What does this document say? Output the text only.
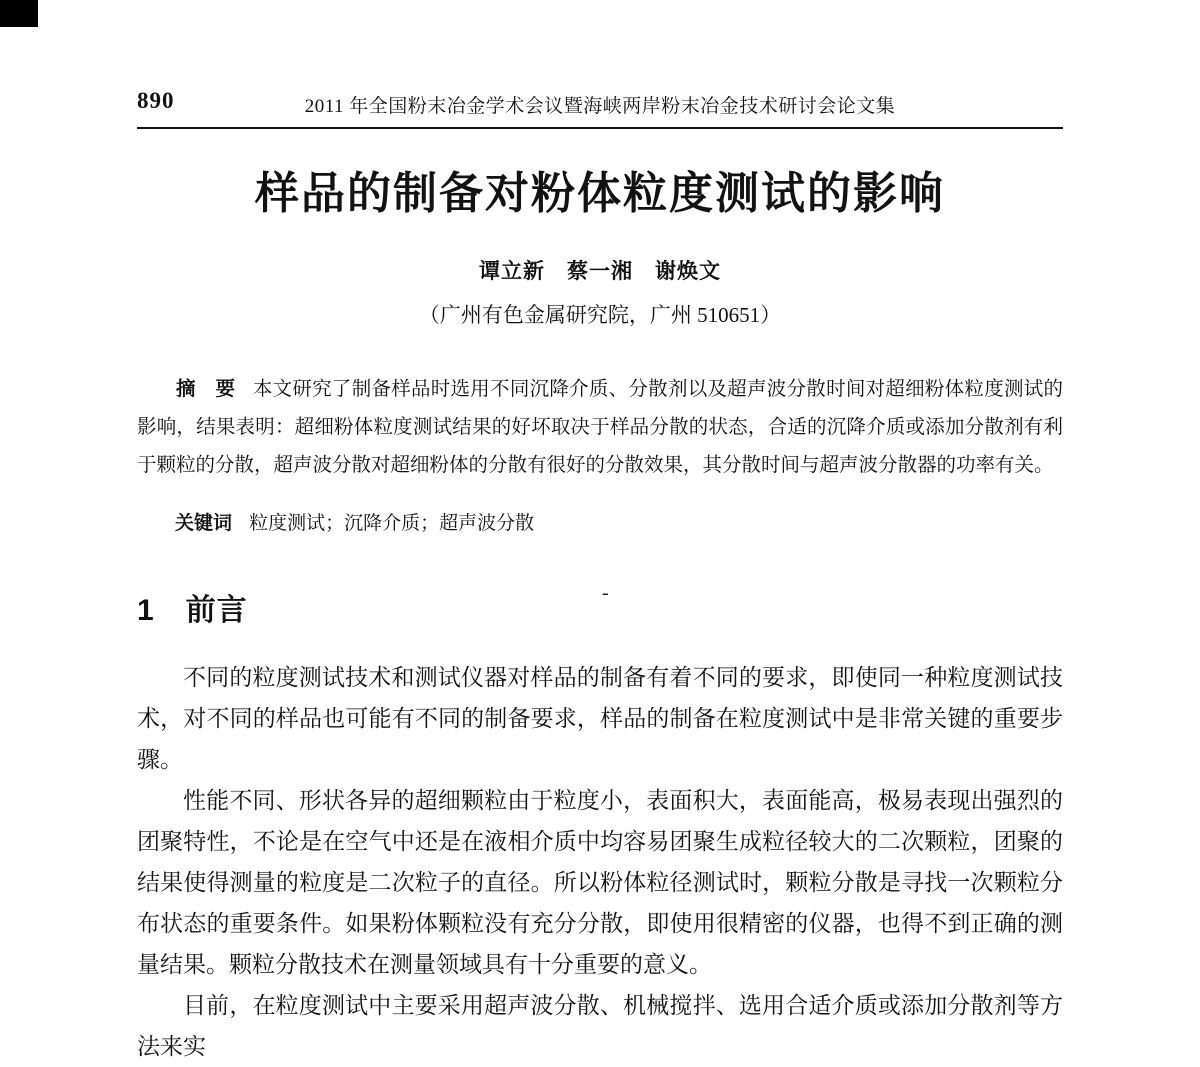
890	2011 年全国粉末冶金学术会议暨海峡两岸粉末冶金技术研讨会论文集
样品的制备对粉体粒度测试的影响
谭立新　蔡一湘　谢焕文
（广州有色金属研究院，广州 510651）

摘　要 本文研究了制备样品时选用不同沉降介质、分散剂以及超声波分散时间对超细粉体粒度测试的影响，结果表明：超细粉体粒度测试结果的好坏取决于样品分散的状态，合适的沉降介质或添加分散剂有利于颗粒的分散，超声波分散对超细粉体的分散有很好的分散效果，其分散时间与超声波分散器的功率有关。

关键词 粒度测试；沉降介质；超声波分散

1　前言
-

不同的粒度测试技术和测试仪器对样品的制备有着不同的要求，即使同一种粒度测试技术，对不同的样品也可能有不同的制备要求，样品的制备在粒度测试中是非常关键的重要步骤。

性能不同、形状各异的超细颗粒由于粒度小，表面积大，表面能高，极易表现出强烈的团聚特性，不论是在空气中还是在液相介质中均容易团聚生成粒径较大的二次颗粒，团聚的结果使得测量的粒度是二次粒子的直径。所以粉体粒径测试时，颗粒分散是寻找一次颗粒分布状态的重要条件。如果粉体颗粒没有充分分散，即使用很精密的仪器，也得不到正确的测量结果。颗粒分散技术在测量领域具有十分重要的意义。

目前，在粒度测试中主要采用超声波分散、机械搅拌、选用合适介质或添加分散剂等方法来实
